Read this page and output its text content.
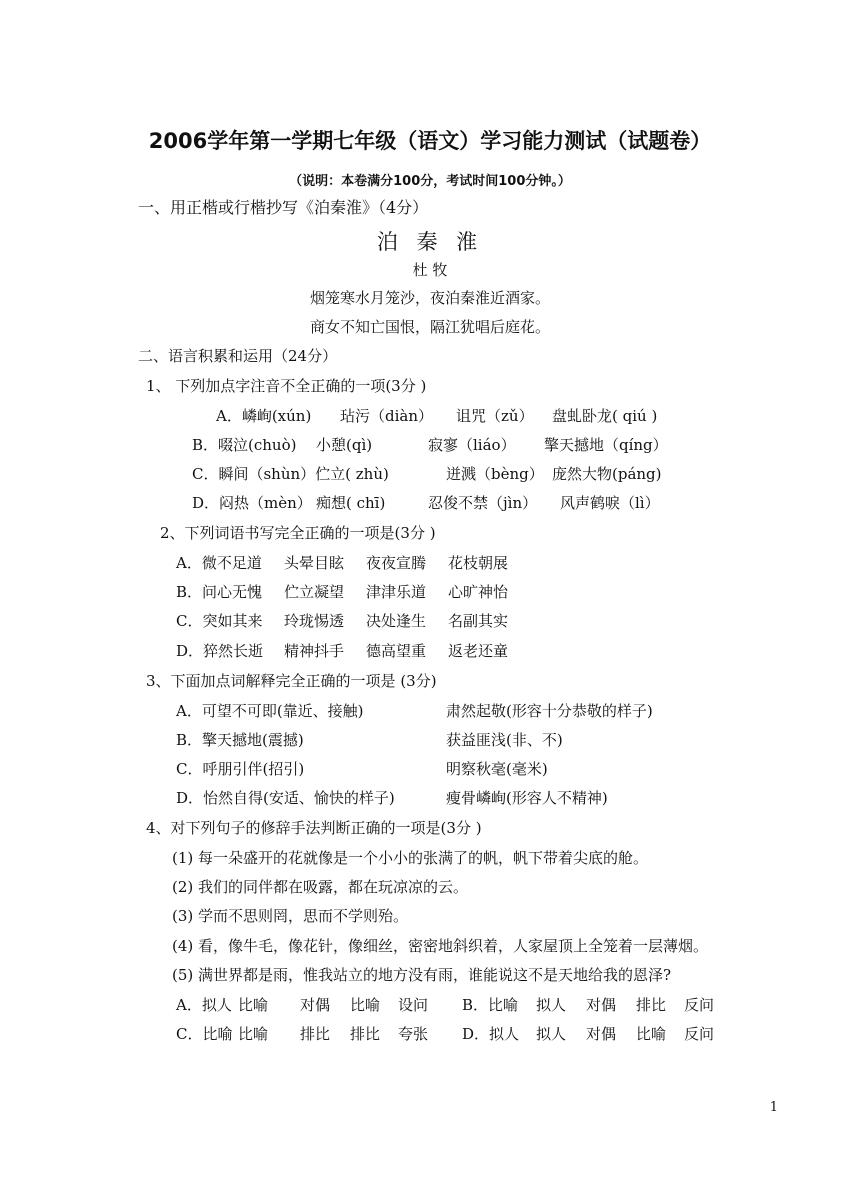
2006学年第一学期七年级（语文）学习能力测试（试题卷）
（说明：本卷满分100分，考试时间100分钟。）
一、用正楷或行楷抄写《泊秦淮》（4分）
泊 秦 淮
杜 牧
烟笼寒水月笼沙，夜泊秦淮近酒家。
商女不知亡国恨，隔江犹唱后庭花。
二、语言积累和运用（24分）
1、 下列加点字注音不全正确的一项(3分 )
A．嶙峋(xún) 玷污（diàn） 诅咒（zǔ） 盘虬卧龙( qiú )
B．啜泣(chuò) 小憩(qì)	寂寥（liáo） 擎天撼地（qíng）
C．瞬间（shùn）伫立( zhù)	迸溅（bèng） 庞然大物(páng)
D．闷热（mèn） 痴想( chī)	忍俊不禁（jìn） 风声鹤唳（lì）
2、下列词语书写完全正确的一项是(3分 )
A．微不足道 头晕目眩 夜夜宣腾 花枝朝展
B．问心无愧 伫立凝望 津津乐道 心旷神怡
C．突如其来 玲珑惕透 决处逢生 名副其实
D．猝然长逝 精神抖手 德高望重 返老还童
3、下面加点词解释完全正确的一项是 (3分)
A．可望不可即(靠近、接触)	肃然起敬(形容十分恭敬的样子)
B．擎天撼地(震撼)	获益匪浅(非、不)
C．呼朋引伴(招引)	明察秋毫(毫米)
D．怡然自得(安适、愉快的样子)	瘦骨嶙峋(形容人不精神)
4、对下列句子的修辞手法判断正确的一项是(3分 )
(1) 每一朵盛开的花就像是一个小小的张满了的帆，帆下带着尖底的舱。
(2) 我们的同伴都在吸露，都在玩凉凉的云。
(3) 学而不思则罔，思而不学则殆。
(4) 看，像牛毛，像花针，像细丝，密密地斜织着，人家屋顶上全笼着一层薄烟。
(5) 满世界都是雨，惟我站立的地方没有雨，谁能说这不是天地给我的恩泽?
A．拟人 比喻 对偶 比喻 设问 B．比喻 拟人 对偶 排比 反问
C．比喻 比喻 排比 排比 夸张 D．拟人 拟人 对偶 比喻 反问
1
